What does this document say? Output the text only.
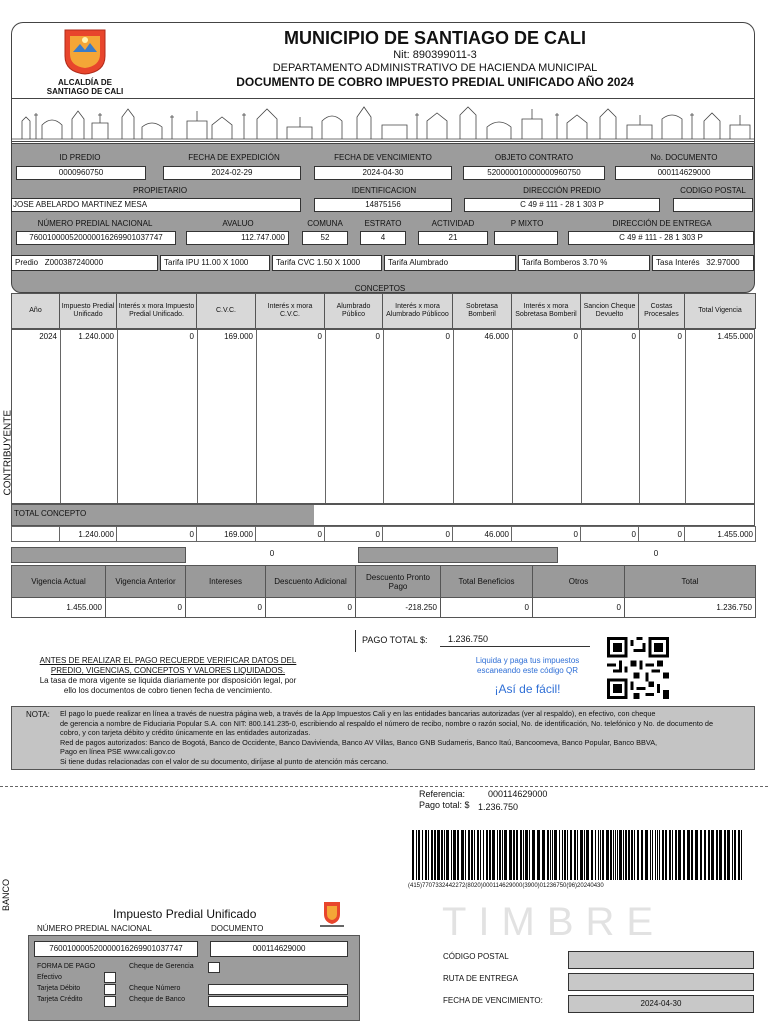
ALCALDÍA DE
SANTIAGO DE CALI
MUNICIPIO DE SANTIAGO DE CALI
Nit: 890399011-3
DEPARTAMENTO ADMINISTRATIVO DE HACIENDA MUNICIPAL
DOCUMENTO DE COBRO IMPUESTO PREDIAL UNIFICADO AÑO 2024
ID PREDIO
0000960750
FECHA DE EXPEDICIÓN
2024-02-29
FECHA DE VENCIMIENTO
2024-04-30
OBJETO CONTRATO
520000010000000960750
No. DOCUMENTO
000114629000
PROPIETARIO
JOSE ABELARDO MARTINEZ MESA
IDENTIFICACION
14875156
DIRECCIÓN PREDIO
C 49 # 111 - 28 1 303 P
CODIGO POSTAL
NÚMERO PREDIAL NACIONAL
760010000520000016269901037747
AVALUO
112.747.000
COMUNA
52
ESTRATO
4
ACTIVIDAD
21
P MIXTO	DIRECCIÓN DE ENTREGA
C 49 # 111 - 28 1 303 P
Predio Z000387240000	Tarifa IPU 11.00 X 1000	Tarifa CVC 1.50 X 1000	Tarifa Alumbrado	Tarifa Bomberos 3.70 %	Tasa Interés 32.97000
CONCEPTOS
CONTRIBUYENTE
Año	Impuesto Predial Unificado	Interés x mora Impuesto Predial Unificado.	C.V.C.	Interés x mora C.V.C.	Alumbrado Público	Interés x mora Alumbrado Públicoo	Sobretasa Bomberil	Interés x mora Sobretasa Bomberil	Sancion Cheque Devuelto	Costas Procesales	Total Vigencia
2024	1.240.000	0	169.000	0	0	0	46.000	0	0	0	1.455.000
TOTAL CONCEPTO
	1.240.000	0	169.000	0	0	0	46.000	0	0	0	1.455.000
0	0
Vigencia Actual	Vigencia Anterior	Intereses	Descuento Adicional	Descuento Pronto Pago	Total Beneficios	Otros	Total
1.455.000	0	0	0	-218.250	0	0	1.236.750
PAGO TOTAL $: 1.236.750
ANTES DE REALIZAR EL PAGO RECUERDE VERIFICAR DATOS DEL
PREDIO, VIGENCIAS, CONCEPTOS Y VALORES LIQUIDADOS.
La tasa de mora vigente se liquida diariamente por disposición legal, por
ello los documentos de cobro tienen fecha de vencimiento.
Liquida y paga tus impuestos
escaneando este código QR
¡Así de fácil!
NOTA: El pago lo puede realizar en línea a través de nuestra página web, a través de la App Impuestos Cali y en las entidades bancarias autorizadas (ver al respaldo), en efectivo, con cheque
de gerencia a nombre de Fiduciaria Popular S.A. con NIT: 800.141.235-0, escribiendo al respaldo el número de recibo, nombre o razón social, No. de identificación, No. telefónico y No. de documento de
cobro, y con tarjeta débito y crédito únicamente en las entidades autorizadas.
Red de pagos autorizados: Banco de Bogotá, Banco de Occidente, Banco Davivienda, Banco AV Villas, Banco GNB Sudameris, Banco Itaú, Bancoomeva, Banco Popular, Banco BBVA,
Pago en línea PSE www.cali.gov.co
Si tiene dudas relacionadas con el valor de su documento, diríjase al punto de atención más cercano.
Referencia:	000114629000
Pago total: $ 1.236.750
(415)7707332442272(8020)000114629000(3900)01236750(96)20240430
BANCO
Impuesto Predial Unificado
NÚMERO PREDIAL NACIONAL	DOCUMENTO
760010000520000016269901037747	000114629000
FORMA DE PAGO
Efectivo
Tarjeta Débito
Tarjeta Crédito
Cheque de Gerencia
Cheque Número
Cheque de Banco
TIMBRE
CÓDIGO POSTAL
RUTA DE ENTREGA
FECHA DE VENCIMIENTO:	2024-04-30
